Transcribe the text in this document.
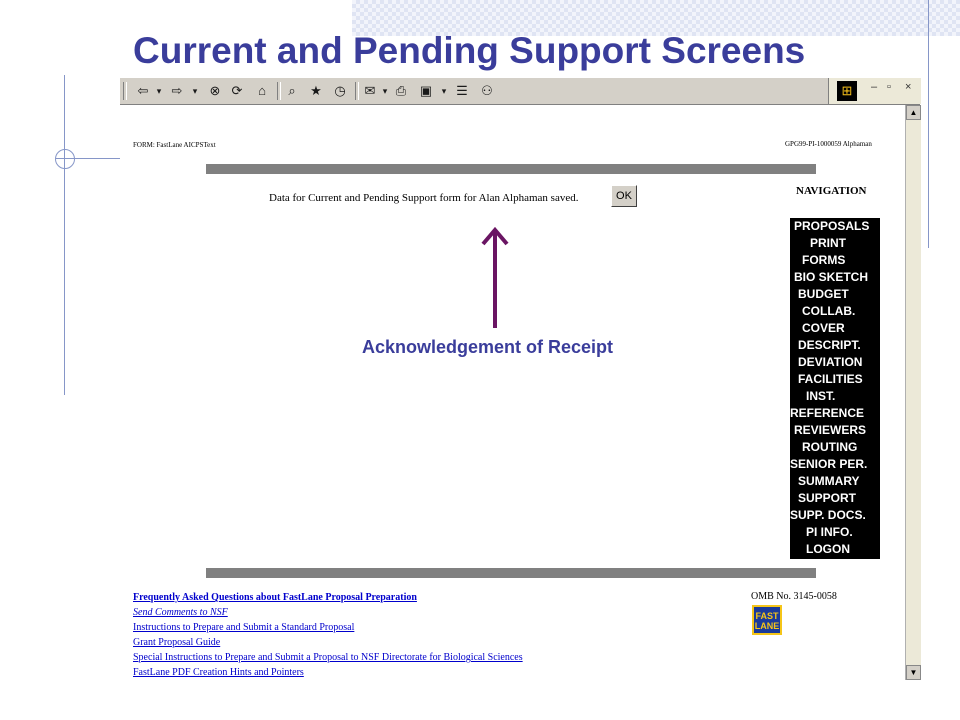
Current and Pending Support Screens
⇦ ▾ ⇨	▾ ⊗ ⟳	⌂	⌕	★ ◷ ✉ ▾ ⎙ ▣	▾ ☰ ⚇	⊞	– ▫ ×
FORM: FastLane AICPSText	GPG99-PI-1000059 Alphaman
Data for Current and Pending Support form for Alan Alphaman saved.	OK	NAVIGATION
PROPOSALS
PRINT
FORMS
BIO SKETCH
BUDGET
COLLAB.
COVER
DESCRIPT.
DEVIATION
FACILITIES
INST.
REFERENCE
REVIEWERS
ROUTING
SENIOR PER.
SUMMARY
SUPPORT
SUPP. DOCS.
PI INFO.
LOGON
Frequently Asked Questions about FastLane Proposal Preparation
Send Comments to NSF
Instructions to Prepare and Submit a Standard Proposal
Grant Proposal Guide
Special Instructions to Prepare and Submit a Proposal to NSF Directorate for Biological Sciences
FastLane PDF Creation Hints and Pointers
OMB No. 3145-0058
FAST
LANE
▲
▼
Acknowledgement of Receipt
